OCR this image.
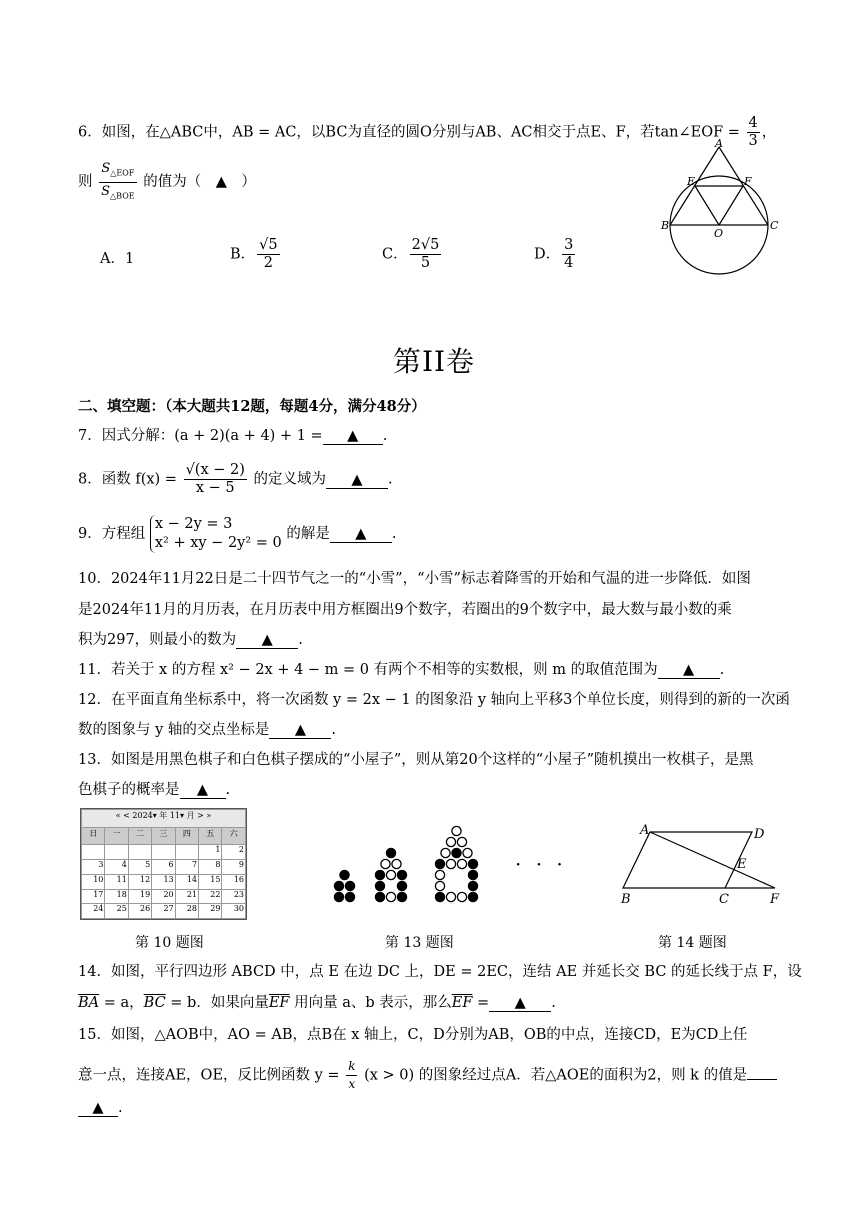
6．如图，在△ABC中，AB = AC，以BC为直径的圆O分别与AB、AC相交于点E、F，若tan∠EOF = $\frac{4}{3}$ ，
则 $\frac{S_{\triangle EOF}}{S_{\triangle BOE}}$ 的值为（　▲　）
A．1	B． $\frac{√5}{2}$	C． $\frac{2√5}{5}$	D． $\frac{3}{4}$
A
E	F
B
O
C
第II卷
二、填空题：（本大题共12题，每题4分，满分48分）
7．因式分解：(a + 2)(a + 4) + 1 = ▲ .
8．函数 $f(x) = \frac{√(x - 2)}{x - 5}$ 的定义域为 ▲ .
9．方程组
x − 2y = 3
x² + xy − 2y² = 0
的解是 ▲ .
10．2024年11月22日是二十四节气之一的“小雪”，“小雪”标志着降雪的开始和气温的进一步降低．如图
是2024年11月的月历表，在月历表中用方框圈出9个数字，若圈出的9个数字中，最大数与最小数的乘
积为297，则最小的数为 ▲ .
11．若关于 x 的方程 x² − 2x + 4 − m = 0 有两个不相等的实数根，则 m 的取值范围为 ▲ .
12．在平面直角坐标系中，将一次函数 y = 2x − 1 的图象沿 y 轴向上平移3个单位长度，则得到的新的一次函
数的图象与 y 轴的交点坐标是 ▲ .
13．如图是用黑色棋子和白色棋子摆成的“小屋子”，则从第20个这样的“小屋子”随机摸出一枚棋子，是黑
色棋子的概率是 ▲ .
« < 2024▾ 年 11▾ 月 > »						
日	一	二	三	四	五	六
					1	2
3	4	5	6	7	8	9
10	11	12	13	14	15	16
17	18	19	20	21	22	23
24	25	26	27	28	29	30
· · ·
A	D
E
B	C	F
第 10 题图	第 13 题图	第 14 题图
14．如图，平行四边形 ABCD 中，点 E 在边 DC 上，DE = 2EC，连结 AE 并延长交 BC 的延长线于点 F，设
$\overline{BA} = a$，$\overline{BC} = b$．如果向量$\overline{EF}$ 用向量 a、b 表示，那么$\overline{EF}$ = ▲ .
15．如图，△AOB中，AO = AB，点B在 x 轴上，C，D分别为AB，OB的中点，连接CD，E为CD上任
意一点，连接AE，OE，反比例函数 $y = \frac{k}{x} (x > 0)$ 的图象经过点A．若△AOE的面积为2，则 k 的值是
▲ .
